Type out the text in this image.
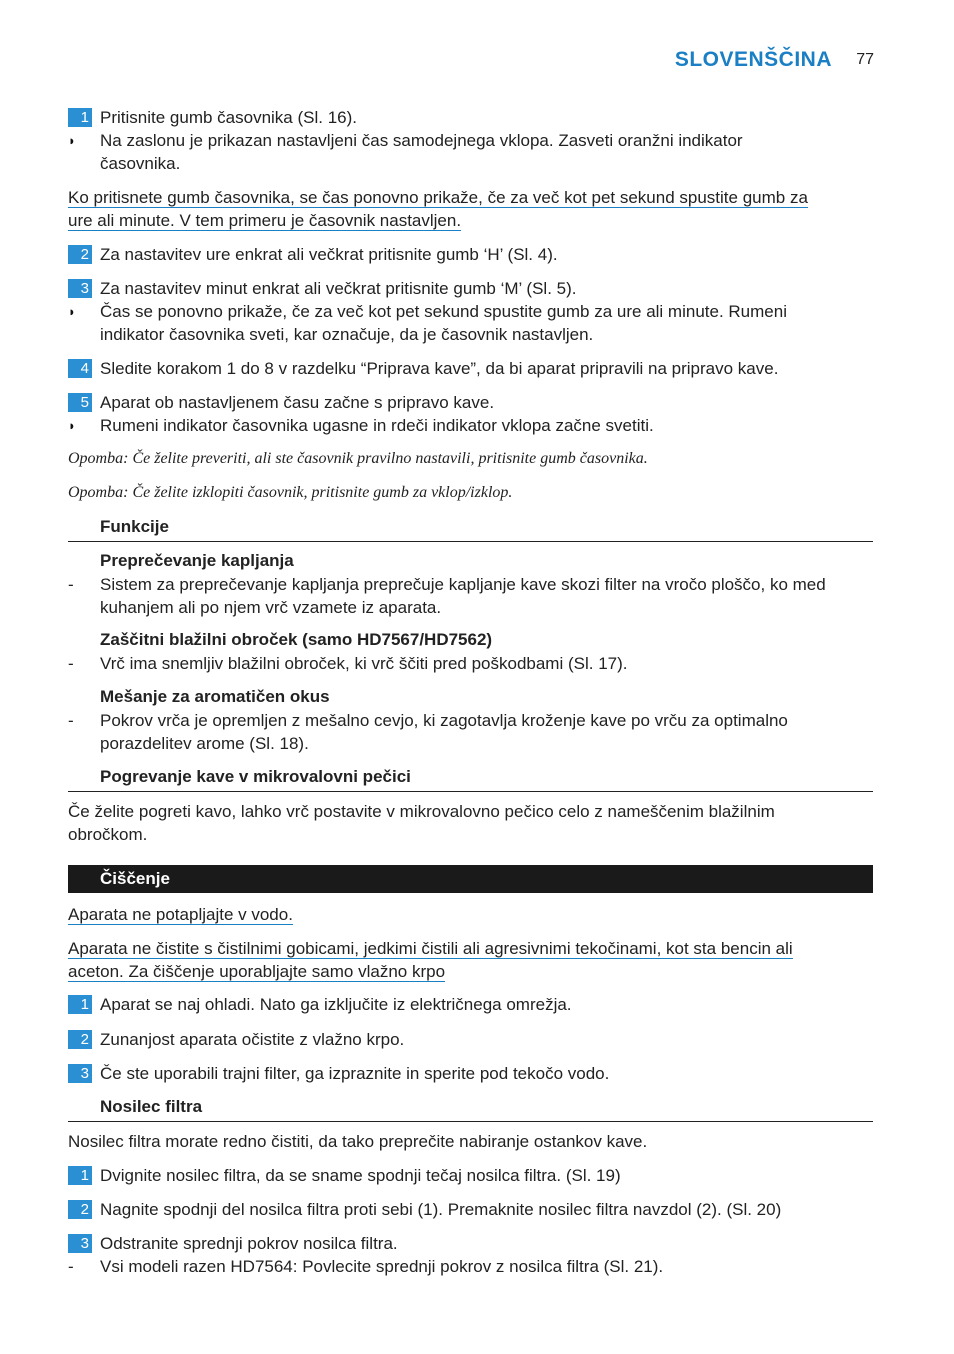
SLOVENŠČINA 77
1 Pritisnite gumb časovnika (Sl. 16).
◗ Na zaslonu je prikazan nastavljeni čas samodejnega vklopa. Zasveti oranžni indikator
časovnika.
Ko pritisnete gumb časovnika, se čas ponovno prikaže, če za več kot pet sekund spustite gumb za
ure ali minute. V tem primeru je časovnik nastavljen.
2 Za nastavitev ure enkrat ali večkrat pritisnite gumb ‘H’ (Sl. 4).
3 Za nastavitev minut enkrat ali večkrat pritisnite gumb ‘M’ (Sl. 5).
◗ Čas se ponovno prikaže, če za več kot pet sekund spustite gumb za ure ali minute. Rumeni
indikator časovnika sveti, kar označuje, da je časovnik nastavljen.
4 Sledite korakom 1 do 8 v razdelku “Priprava kave”, da bi aparat pripravili na pripravo kave.
5 Aparat ob nastavljenem času začne s pripravo kave.
◗ Rumeni indikator časovnika ugasne in rdeči indikator vklopa začne svetiti.
Opomba: Če želite preveriti, ali ste časovnik pravilno nastavili, pritisnite gumb časovnika.
Opomba: Če želite izklopiti časovnik, pritisnite gumb za vklop/izklop.
Funkcije
Preprečevanje kapljanja
- Sistem za preprečevanje kapljanja preprečuje kapljanje kave skozi filter na vročo ploščo, ko med
kuhanjem ali po njem vrč vzamete iz aparata.
Zaščitni blažilni obroček (samo HD7567/HD7562)
- Vrč ima snemljiv blažilni obroček, ki vrč ščiti pred poškodbami (Sl. 17).
Mešanje za aromatičen okus
- Pokrov vrča je opremljen z mešalno cevjo, ki zagotavlja kroženje kave po vrču za optimalno
porazdelitev arome (Sl. 18).
Pogrevanje kave v mikrovalovni pečici
Če želite pogreti kavo, lahko vrč postavite v mikrovalovno pečico celo z nameščenim blažilnim
obročkom.
Čiščenje
Aparata ne potapljajte v vodo.
Aparata ne čistite s čistilnimi gobicami, jedkimi čistili ali agresivnimi tekočinami, kot sta bencin ali
aceton. Za čiščenje uporabljajte samo vlažno krpo
1 Aparat se naj ohladi. Nato ga izključite iz električnega omrežja.
2 Zunanjost aparata očistite z vlažno krpo.
3 Če ste uporabili trajni filter, ga izpraznite in sperite pod tekočo vodo.
Nosilec filtra
Nosilec filtra morate redno čistiti, da tako preprečite nabiranje ostankov kave.
1 Dvignite nosilec filtra, da se sname spodnji tečaj nosilca filtra. (Sl. 19)
2 Nagnite spodnji del nosilca filtra proti sebi (1). Premaknite nosilec filtra navzdol (2). (Sl. 20)
3 Odstranite sprednji pokrov nosilca filtra.
- Vsi modeli razen HD7564: Povlecite sprednji pokrov z nosilca filtra (Sl. 21).
